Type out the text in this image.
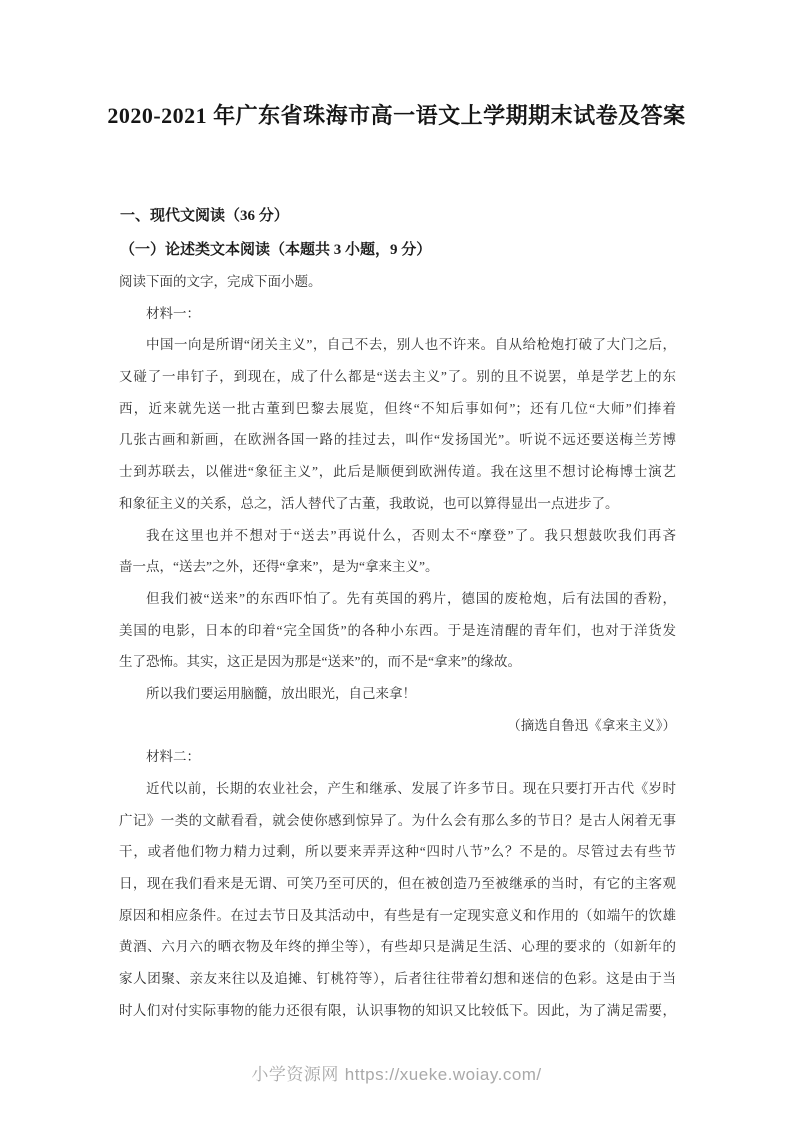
2020-2021 年广东省珠海市高一语文上学期期末试卷及答案
一、现代文阅读（36 分）
（一）论述类文本阅读（本题共 3 小题，9 分）
阅读下面的文字，完成下面小题。
材料一：
中国一向是所谓“闭关主义”，自己不去，别人也不许来。自从给枪炮打破了大门之后，
又碰了一串钉子，到现在，成了什么都是“送去主义”了。别的且不说罢，单是学艺上的东
西，近来就先送一批古董到巴黎去展览，但终“不知后事如何”；还有几位“大师”们捧着
几张古画和新画，在欧洲各国一路的挂过去，叫作“发扬国光”。听说不远还要送梅兰芳博
士到苏联去，以催进“象征主义”，此后是顺便到欧洲传道。我在这里不想讨论梅博士演艺
和象征主义的关系，总之，活人替代了古董，我敢说，也可以算得显出一点进步了。
我在这里也并不想对于“送去”再说什么，否则太不“摩登”了。我只想鼓吹我们再吝
啬一点，“送去”之外，还得“拿来”，是为“拿来主义”。
但我们被“送来”的东西吓怕了。先有英国的鸦片，德国的废枪炮，后有法国的香粉，
美国的电影，日本的印着“完全国货”的各种小东西。于是连清醒的青年们，也对于洋货发
生了恐怖。其实，这正是因为那是“送来”的，而不是“拿来”的缘故。
所以我们要运用脑髓，放出眼光，自己来拿！
（摘选自鲁迅《拿来主义》）
材料二：
近代以前，长期的农业社会，产生和继承、发展了许多节日。现在只要打开古代《岁时
广记》一类的文献看看，就会使你感到惊异了。为什么会有那么多的节日？是古人闲着无事
干，或者他们物力精力过剩，所以要来弄弄这种“四时八节”么？不是的。尽管过去有些节
日，现在我们看来是无谓、可笑乃至可厌的，但在被创造乃至被继承的当时，有它的主客观
原因和相应条件。在过去节日及其活动中，有些是有一定现实意义和作用的（如端午的饮雄
黄酒、六月六的晒衣物及年终的掸尘等），有些却只是满足生活、心理的要求的（如新年的
家人团聚、亲友来往以及追摊、钉桃符等），后者往往带着幻想和迷信的色彩。这是由于当
时人们对付实际事物的能力还很有限，认识事物的知识又比较低下。因此，为了满足需要，
小学资源网 https://xueke.woiay.com/
